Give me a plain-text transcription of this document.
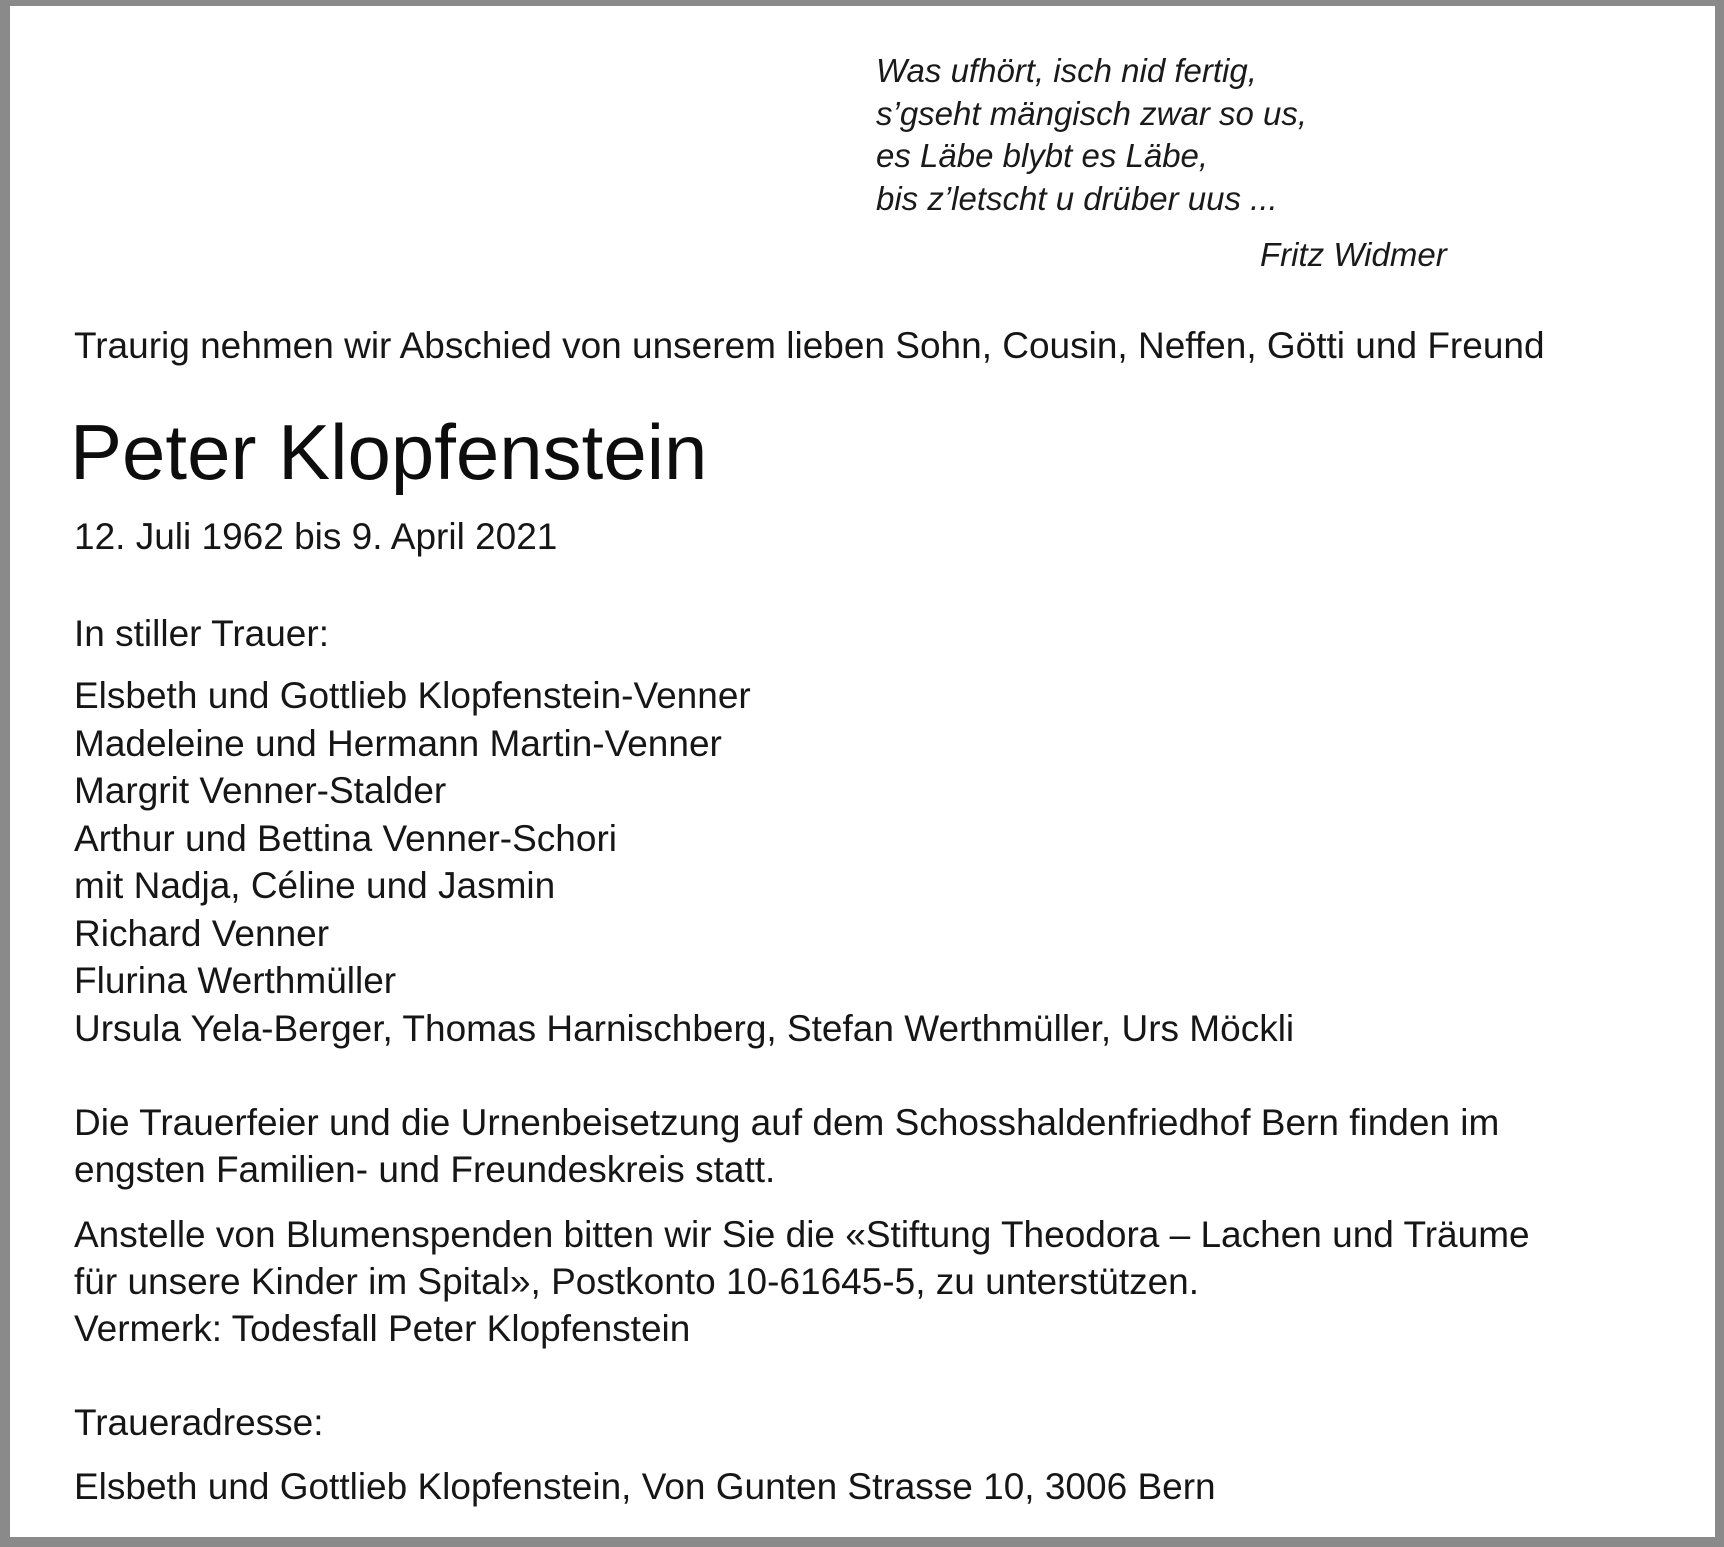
Was ufhört, isch nid fertig,
s’gseht mängisch zwar so us,
es Läbe blybt es Läbe,
bis z’letscht u drüber uus ...
Fritz Widmer
Traurig nehmen wir Abschied von unserem lieben Sohn, Cousin, Neffen, Götti und Freund
Peter Klopfenstein
12. Juli 1962 bis 9. April 2021
In stiller Trauer:
Elsbeth und Gottlieb Klopfenstein-Venner
Madeleine und Hermann Martin-Venner
Margrit Venner-Stalder
Arthur und Bettina Venner-Schori
mit Nadja, Céline und Jasmin
Richard Venner
Flurina Werthmüller
Ursula Yela-Berger, Thomas Harnischberg, Stefan Werthmüller, Urs Möckli
Die Trauerfeier und die Urnenbeisetzung auf dem Schosshaldenfriedhof Bern finden im
engsten Familien- und Freundeskreis statt.
Anstelle von Blumenspenden bitten wir Sie die «Stiftung Theodora – Lachen und Träume
für unsere Kinder im Spital», Postkonto 10-61645-5, zu unterstützen.
Vermerk: Todesfall Peter Klopfenstein
Traueradresse:
Elsbeth und Gottlieb Klopfenstein, Von Gunten Strasse 10, 3006 Bern
